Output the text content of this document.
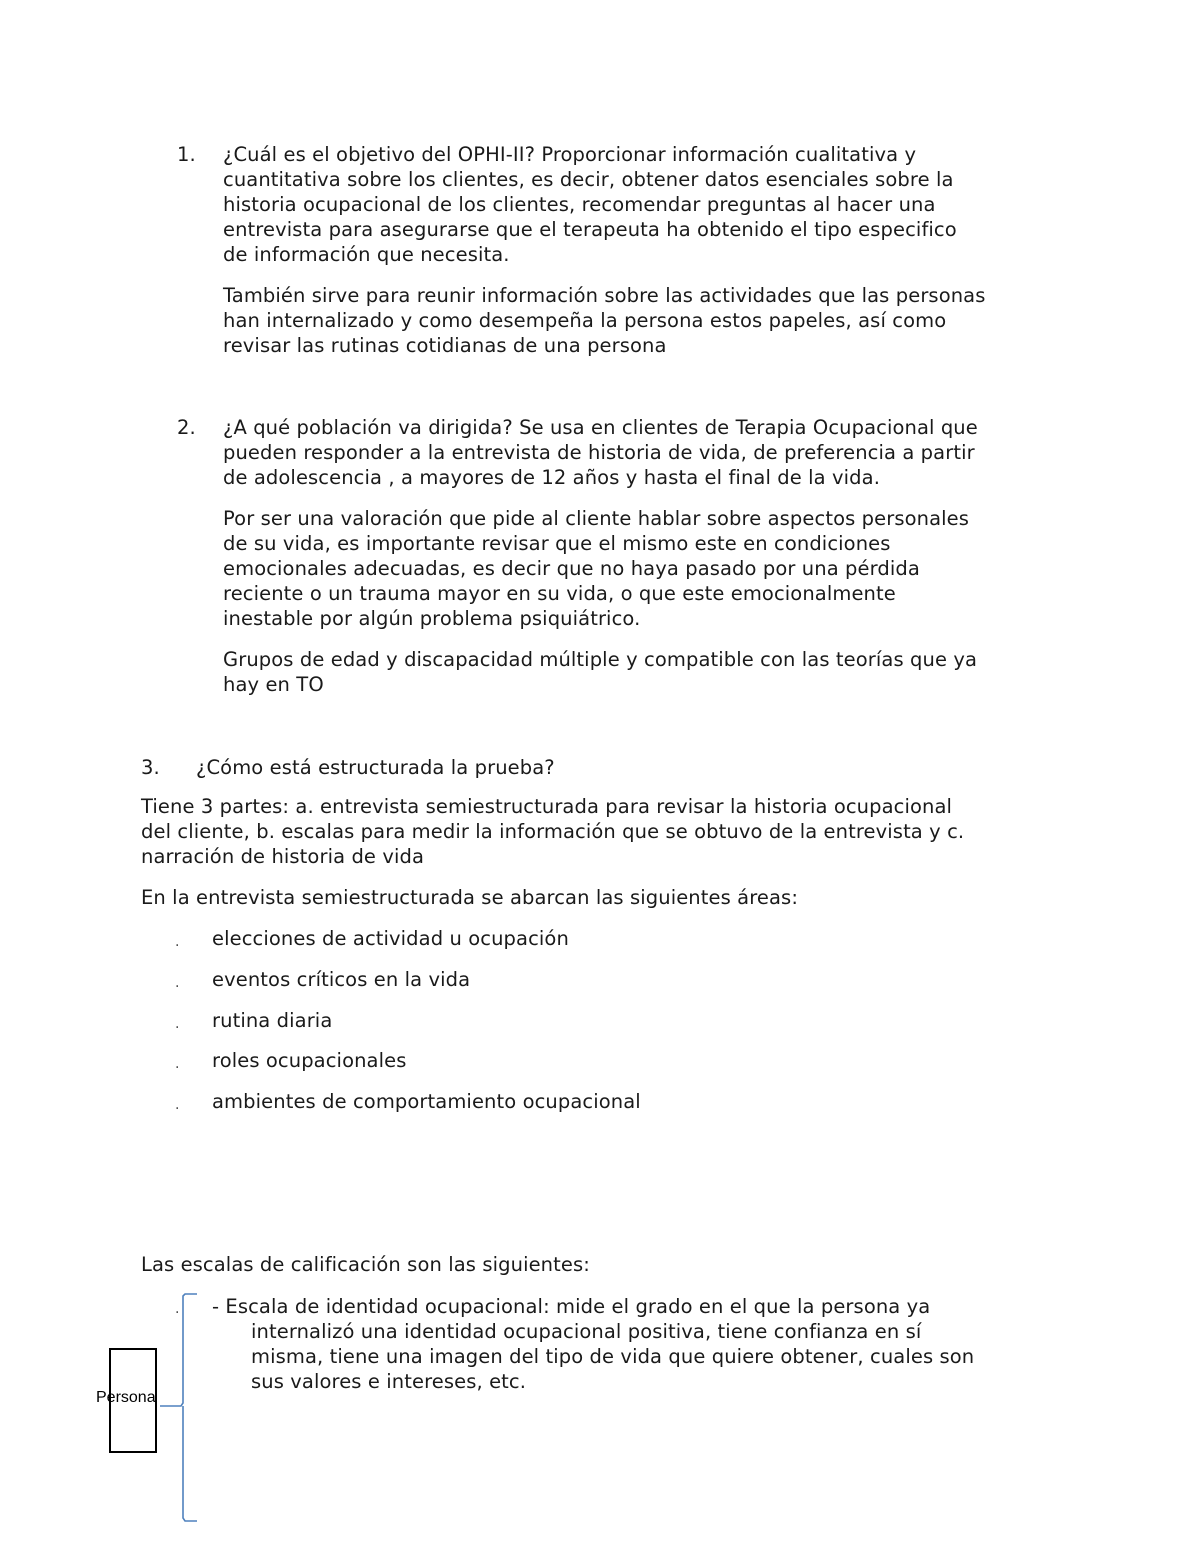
1. ¿Cuál es el objetivo del OPHI-II? Proporcionar información cualitativa y
cuantitativa sobre los clientes, es decir, obtener datos esenciales sobre la
historia ocupacional de los clientes, recomendar preguntas al hacer una
entrevista para asegurarse que el terapeuta ha obtenido el tipo especifico
de información que necesita.
También sirve para reunir información sobre las actividades que las personas
han internalizado y como desempeña la persona estos papeles, así como
revisar las rutinas cotidianas de una persona
2. ¿A qué población va dirigida? Se usa en clientes de Terapia Ocupacional que
pueden responder a la entrevista de historia de vida, de preferencia a partir
de adolescencia , a mayores de 12 años y hasta el final de la vida.
Por ser una valoración que pide al cliente hablar sobre aspectos personales
de su vida, es importante revisar que el mismo este en condiciones
emocionales adecuadas, es decir que no haya pasado por una pérdida
reciente o un trauma mayor en su vida, o que este emocionalmente
inestable por algún problema psiquiátrico.
Grupos de edad y discapacidad múltiple y compatible con las teorías que ya
hay en TO
3. ¿Cómo está estructurada la prueba?
Tiene 3 partes: a. entrevista semiestructurada para revisar la historia ocupacional
del cliente, b. escalas para medir la información que se obtuvo de la entrevista y c.
narración de historia de vida
En la entrevista semiestructurada se abarcan las siguientes áreas:
. elecciones de actividad u ocupación
. eventos críticos en la vida
. rutina diaria
. roles ocupacionales
. ambientes de comportamiento ocupacional
Las escalas de calificación son las siguientes:
. - Escala de identidad ocupacional: mide el grado en el que la persona ya
internalizó una identidad ocupacional positiva, tiene confianza en sí
misma, tiene una imagen del tipo de vida que quiere obtener, cuales son
sus valores e intereses, etc.
Persona
